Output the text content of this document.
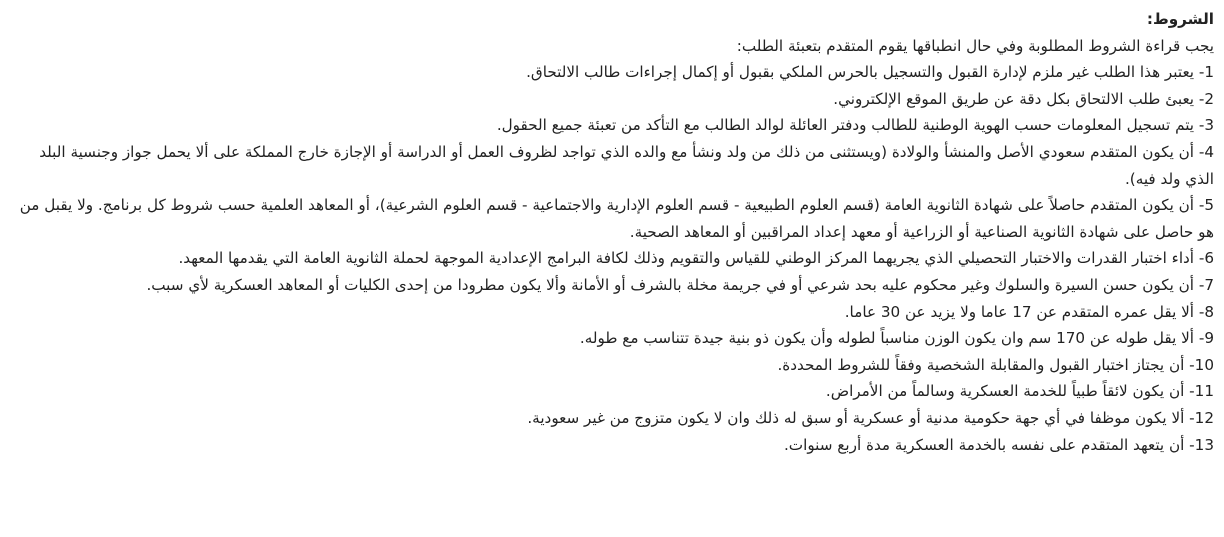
الشروط:
يجب قراءة الشروط المطلوبة وفي حال انطباقها يقوم المتقدم بتعبئة الطلب:
1- يعتبر هذا الطلب غير ملزم لإدارة القبول والتسجيل بالحرس الملكي بقبول أو إكمال إجراءات طالب الالتحاق.
2- يعبئ طلب الالتحاق بكل دقة عن طريق الموقع الإلكتروني.
3- يتم تسجيل المعلومات حسب الهوية الوطنية للطالب ودفتر العائلة لوالد الطالب مع التأكد من تعبئة جميع الحقول.
4- أن يكون المتقدم سعودي الأصل والمنشأ والولادة (ويستثنى من ذلك من ولد ونشأ مع والده الذي تواجد لظروف العمل أو الدراسة أو الإجازة خارج المملكة على ألا يحمل جواز وجنسية البلد الذي ولد فيه).
5- أن يكون المتقدم حاصلاً على شهادة الثانوية العامة (قسم العلوم الطبيعية - قسم العلوم الإدارية والاجتماعية - قسم العلوم الشرعية)، أو المعاهد العلمية حسب شروط كل برنامج. ولا يقبل من هو حاصل على شهادة الثانوية الصناعية أو الزراعية أو معهد إعداد المراقبين أو المعاهد الصحية.
6- أداء اختبار القدرات والاختبار التحصيلي الذي يجريهما المركز الوطني للقياس والتقويم وذلك لكافة البرامج الإعدادية الموجهة لحملة الثانوية العامة التي يقدمها المعهد.
7- أن يكون حسن السيرة والسلوك وغير محكوم عليه بحد شرعي أو في جريمة مخلة بالشرف أو الأمانة وألا يكون مطرودا من إحدى الكليات أو المعاهد العسكرية لأي سبب.
8- ألا يقل عمره المتقدم عن 17 عاما ولا يزيد عن 30 عاما.
9- ألا يقل طوله عن 170 سم وان يكون الوزن مناسباً لطوله وأن يكون ذو بنية جيدة تتناسب مع طوله.
10- أن يجتاز اختبار القبول والمقابلة الشخصية وفقاً للشروط المحددة.
11- أن يكون لائقاً طبياً للخدمة العسكرية وسالماً من الأمراض.
12- ألا يكون موظفا في أي جهة حكومية مدنية أو عسكرية أو سبق له ذلك وان لا يكون متزوج من غير سعودية.
13- أن يتعهد المتقدم على نفسه بالخدمة العسكرية مدة أربع سنوات.
